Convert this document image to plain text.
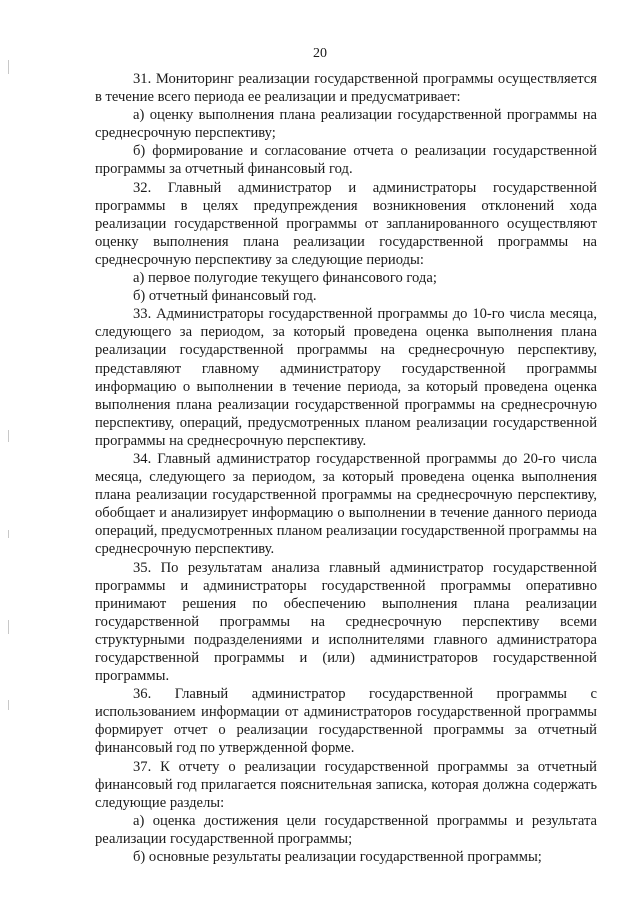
20

31. Мониторинг реализации государственной программы осуществляется в течение всего периода ее реализации и предусматривает:

а) оценку выполнения плана реализации государственной программы на среднесрочную перспективу;

б) формирование и согласование отчета о реализации государственной программы за отчетный финансовый год.

32. Главный администратор и администраторы государственной программы в целях предупреждения возникновения отклонений хода реализации государственной программы от запланированного осуществляют оценку выполнения плана реализации государственной программы на среднесрочную перспективу за следующие периоды:

а) первое полугодие текущего финансового года;

б) отчетный финансовый год.

33. Администраторы государственной программы до 10-го числа месяца, следующего за периодом, за который проведена оценка выполнения плана реализации государственной программы на среднесрочную перспективу, представляют главному администратору государственной программы информацию о выполнении в течение периода, за который проведена оценка выполнения плана реализации государственной программы на среднесрочную перспективу, операций, предусмотренных планом реализации государственной программы на среднесрочную перспективу.

34. Главный администратор государственной программы до 20-го числа месяца, следующего за периодом, за который проведена оценка выполнения плана реализации государственной программы на среднесрочную перспективу, обобщает и анализирует информацию о выполнении в течение данного периода операций, предусмотренных планом реализации государственной программы на среднесрочную перспективу.

35. По результатам анализа главный администратор государственной программы и администраторы государственной программы оперативно принимают решения по обеспечению выполнения плана реализации государственной программы на среднесрочную перспективу всеми структурными подразделениями и исполнителями главного администратора государственной программы и (или) администраторов государственной программы.

36. Главный администратор государственной программы с использованием информации от администраторов государственной программы формирует отчет о реализации государственной программы за отчетный финансовый год по утвержденной форме.

37. К отчету о реализации государственной программы за отчетный финансовый год прилагается пояснительная записка, которая должна содержать следующие разделы:

а) оценка достижения цели государственной программы и результата реализации государственной программы;

б) основные результаты реализации государственной программы;
